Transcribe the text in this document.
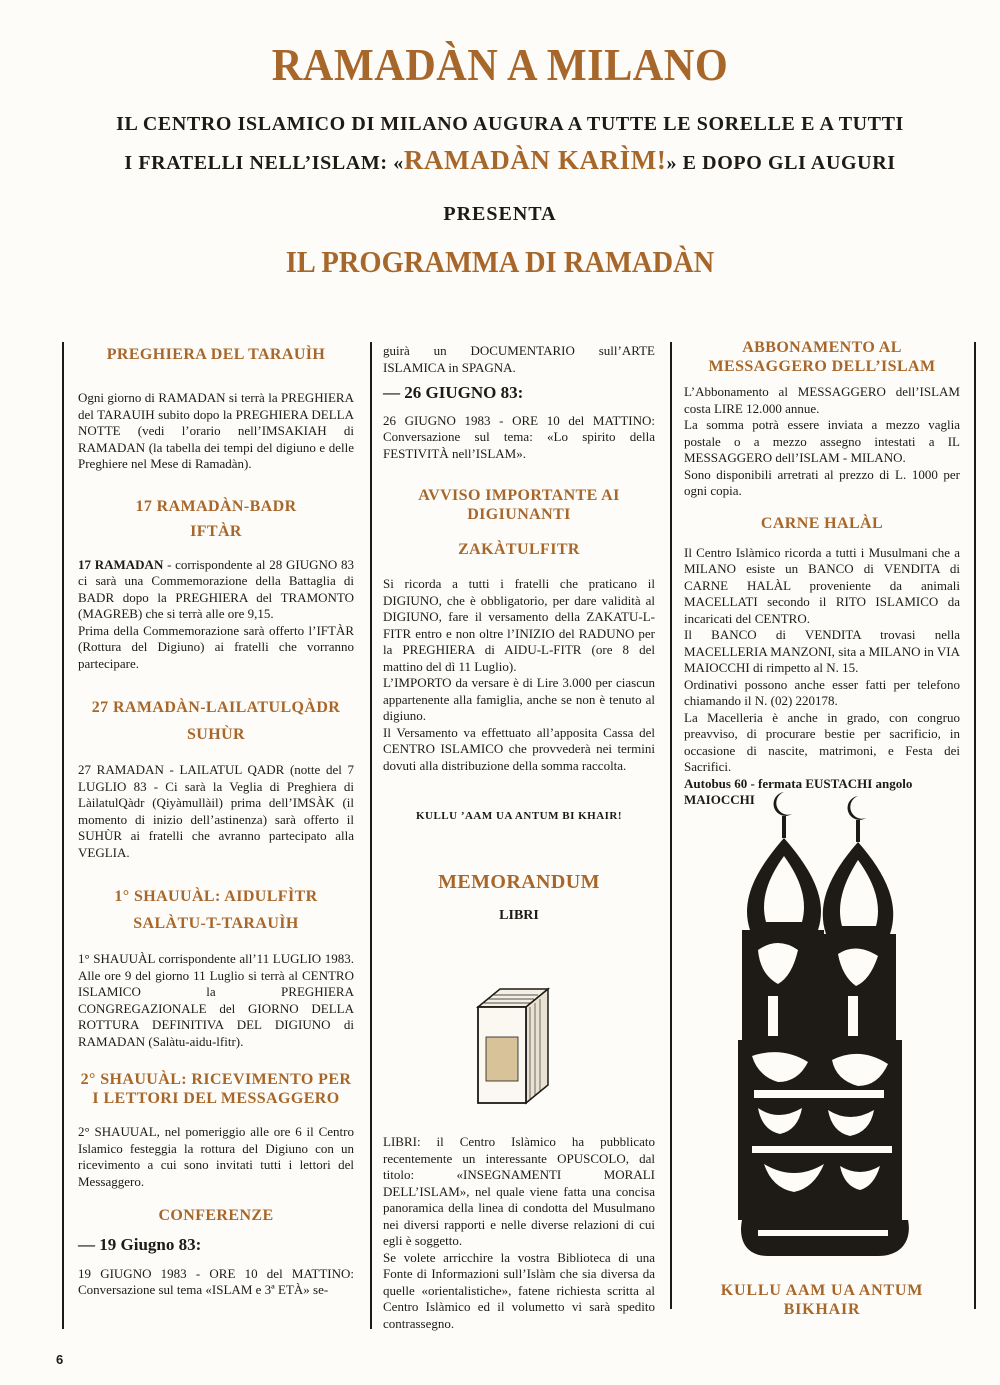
RAMADÀN A MILANO
IL CENTRO ISLAMICO DI MILANO AUGURA A TUTTE LE SORELLE E A TUTTI
I FRATELLI NELL’ISLAM: «RAMADÀN KARÌM!» E DOPO GLI AUGURI
PRESENTA
IL PROGRAMMA DI RAMADÀN
PREGHIERA DEL TARAUÌH

Ogni giorno di RAMADAN si terrà la PREGHIERA del TARAUIH subito dopo la PREGHIERA DELLA NOTTE (vedi l’orario nell’IMSAKIAH di RAMADAN (la tabella dei tempi del digiuno e delle Preghiere nel Mese di Ramadàn).

17 RAMADÀN-BADR
IFTÀR

17 RAMADAN - corrispondente al 28 GIUGNO 83 ci sarà una Commemorazione della Battaglia di BADR dopo la PREGHIERA del TRAMONTO (MAGREB) che si terrà alle ore 9,15.

Prima della Commemorazione sarà offerto l’IFTÀR (Rottura del Digiuno) ai fratelli che vorranno partecipare.

27 RAMADÀN-LAILATULQÀDR
SUHÙR

27 RAMADAN - LAILATUL QADR (notte del 7 LUGLIO 83 - Ci sarà la Veglia di Preghiera di LàilatulQàdr (Qiyàmullàil) prima dell’IMSÀK (il momento di inizio dell’astinenza) sarà offerto il SUHÙR ai fratelli che avranno partecipato alla VEGLIA.

1° SHAUUÀL: AIDULFÌTR
SALÀTU-T-TARAUÌH

1° SHAUUÀL corrispondente all’11 LUGLIO 1983. Alle ore 9 del giorno 11 Luglio si terrà al CENTRO ISLAMICO la PREGHIERA CONGREGAZIONALE del GIORNO DELLA ROTTURA DEFINITIVA DEL DIGIUNO di RAMADAN (Salàtu-aidu-lfitr).

2° SHAUUÀL: RICEVIMENTO PER I LETTORI DEL MESSAGGERO

2° SHAUUAL, nel pomeriggio alle ore 6 il Centro Islamico festeggia la rottura del Digiuno con un ricevimento a cui sono invitati tutti i lettori del Messaggero.

CONFERENZE
— 19 Giugno 83:

19 GIUGNO 1983 - ORE 10 del MATTINO: Conversazione sul tema «ISLAM e 3ª ETÀ» se-

guirà un DOCUMENTARIO sull’ARTE ISLAMICA in SPAGNA.

— 26 GIUGNO 83:

26 GIUGNO 1983 - ORE 10 del MATTINO: Conversazione sul tema: «Lo spirito della FESTIVITÀ nell’ISLAM».

AVVISO IMPORTANTE AI DIGIUNANTI
ZAKÀTULFITR

Si ricorda a tutti i fratelli che praticano il DIGIUNO, che è obbligatorio, per dare validità al DIGIUNO, fare il versamento della ZAKATU-L-FITR entro e non oltre l’INIZIO del RADUNO per la PREGHIERA di AIDU-L-FITR (ore 8 del mattino del dì 11 Luglio).

L’IMPORTO da versare è di Lire 3.000 per ciascun appartenente alla famiglia, anche se non è tenuto al digiuno.

Il Versamento va effettuato all’apposita Cassa del CENTRO ISLAMICO che provvederà nei termini dovuti alla distribuzione della somma raccolta.

KULLU ’AAM UA ANTUM BI KHAIR!
MEMORANDUM
LIBRI

LIBRI: il Centro Islàmico ha pubblicato recentemente un interessante OPUSCOLO, dal titolo: «INSEGNAMENTI MORALI DELL’ISLAM», nel quale viene fatta una concisa panoramica della linea di condotta del Musulmano nei diversi rapporti e nelle diverse relazioni di cui egli è soggetto.

Se volete arricchire la vostra Biblioteca di una Fonte di Informazioni sull’Islàm che sia diversa da quelle «orientalistiche», fatene richiesta scritta al Centro Islàmico ed il volumetto vi sarà spedito contrassegno.

ABBONAMENTO AL MESSAGGERO DELL’ISLAM

L’Abbonamento al MESSAGGERO dell’ISLAM costa LIRE 12.000 annue.

La somma potrà essere inviata a mezzo vaglia postale o a mezzo assegno intestati a IL MESSAGGERO dell’ISLAM - MILANO.

Sono disponibili arretrati al prezzo di L. 1000 per ogni copia.

CARNE HALÀL

Il Centro Islàmico ricorda a tutti i Musulmani che a MILANO esiste un BANCO di VENDITA di CARNE HALÀL proveniente da animali MACELLATI secondo il RITO ISLAMICO da incaricati del CENTRO.

Il BANCO di VENDITA trovasi nella MACELLERIA MANZONI, sita a MILANO in VIA MAIOCCHI di rimpetto al N. 15.

Ordinativi possono anche esser fatti per telefono chiamando il N. (02) 220178.

La Macelleria è anche in grado, con congruo preavviso, di procurare bestie per sacrificio, in occasione di nascite, matrimoni, e Festa dei Sacrifici.

Autobus 60 - fermata EUSTACHI angolo MAIOCCHI

KULLU AAM UA ANTUM BIKHAIR
6
